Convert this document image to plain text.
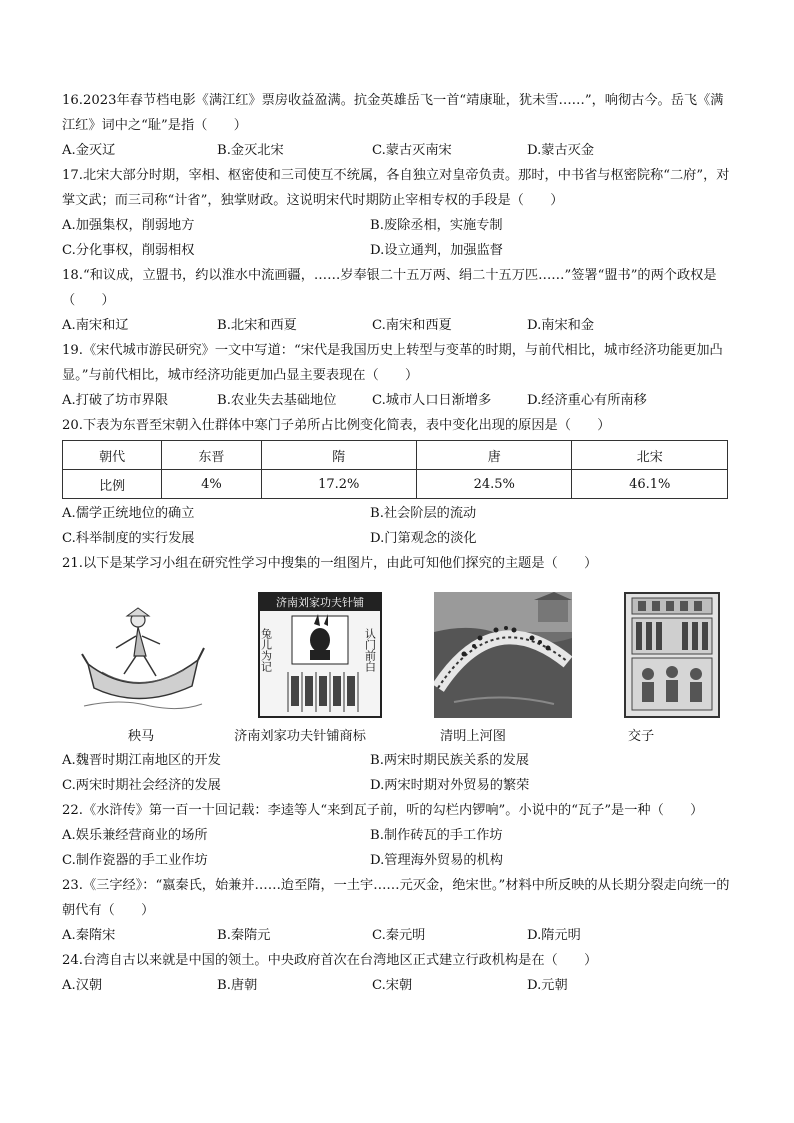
16.2023年春节档电影《满江红》票房收益盈满。抗金英雄岳飞一首“靖康耻，犹未雪……”，响彻古今。岳飞《满江红》词中之“耻”是指（　　）

A.金灭辽	B.金灭北宋	C.蒙古灭南宋	D.蒙古灭金

17.北宋大部分时期，宰相、枢密使和三司使互不统属，各自独立对皇帝负责。那时，中书省与枢密院称“二府”，对掌文武；而三司称“计省”，独掌财政。这说明宋代时期防止宰相专权的手段是（　　）

A.加强集权，削弱地方	B.废除丞相，实施专制
C.分化事权，削弱相权	D.设立通判，加强监督

18.“和议成，立盟书，约以淮水中流画疆，……岁奉银二十五万两、绢二十五万匹……”签署“盟书”的两个政权是（　　）

A.南宋和辽	B.北宋和西夏	C.南宋和西夏	D.南宋和金

19.《宋代城市游民研究》一文中写道：“宋代是我国历史上转型与变革的时期，与前代相比，城市经济功能更加凸显。”与前代相比，城市经济功能更加凸显主要表现在（　　）

A.打破了坊市界限	B.农业失去基础地位	C.城市人口日渐增多	D.经济重心有所南移

20.下表为东晋至宋朝入仕群体中寒门子弟所占比例变化简表，表中变化出现的原因是（　　）

朝代	东晋	隋	唐	北宋
比例	4%	17.2%	24.5%	46.1%
A.儒学正统地位的确立	B.社会阶层的流动
C.科举制度的实行发展	D.门第观念的淡化

21.以下是某学习小组在研究性学习中搜集的一组图片，由此可知他们探究的主题是（　　）

济南刘家功夫针铺
兔儿为记	认门前白
秧马	济南刘家功夫针铺商标	清明上河图	交子
A.魏晋时期江南地区的开发	B.两宋时期民族关系的发展
C.两宋时期社会经济的发展	D.两宋时期对外贸易的繁荣

22.《水浒传》第一百一十回记载：李逵等人“来到瓦子前，听的勾栏内锣响”。小说中的“瓦子”是一种（　　）

A.娱乐兼经营商业的场所	B.制作砖瓦的手工作坊
C.制作瓷器的手工业作坊	D.管理海外贸易的机构

23.《三字经》：“嬴秦氏，始兼并……迨至隋，一土宇……元灭金，绝宋世。”材料中所反映的从长期分裂走向统一的朝代有（　　）

A.秦隋宋	B.秦隋元	C.秦元明	D.隋元明

24.台湾自古以来就是中国的领土。中央政府首次在台湾地区正式建立行政机构是在（　　）

A.汉朝	B.唐朝	C.宋朝	D.元朝
